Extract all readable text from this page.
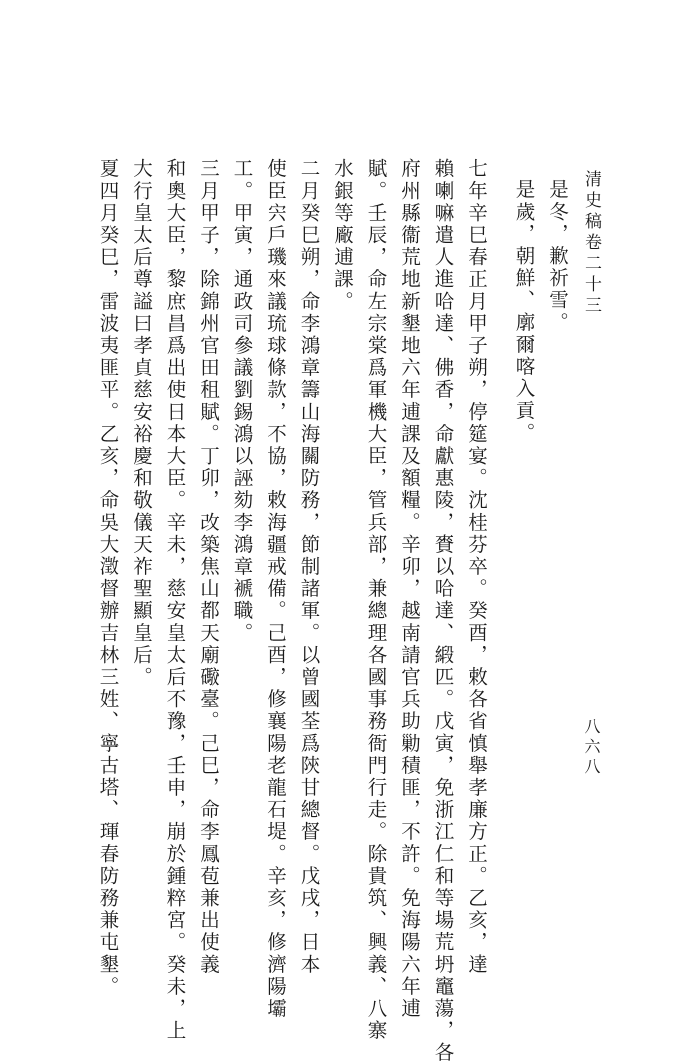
清史稿卷二十三
八六八
是冬，歉祈雪。
是歲，朝鮮、廓爾喀入貢。
七年辛巳春正月甲子朔，停筵宴。沈桂芬卒。癸酉，敕各省慎舉孝廉方正。乙亥，達
賴喇嘛遣人進哈達、佛香，命獻惠陵，賚以哈達、緞匹。戊寅，免浙江仁和等場荒坍竈蕩，各
府州縣衞荒地新墾地六年逋課及額糧。辛卯，越南請官兵助勦積匪，不許。免海陽六年逋
賦。壬辰，命左宗棠爲軍機大臣，管兵部，兼總理各國事務衙門行走。除貴筑、興義、八寨
水銀等廠逋課。
二月癸巳朔，命李鴻章籌山海關防務，節制諸軍。以曾國荃爲陝甘總督。戊戌，日本
使臣宍戶璣來議琉球條款，不協，敕海疆戒備。己酉，修襄陽老龍石堤。辛亥，修濟陽壩
工。甲寅，通政司參議劉錫鴻以誣劾李鴻章褫職。
三月甲子，除錦州官田租賦。丁卯，改築焦山都天廟礮臺。己巳，命李鳳苞兼出使義
和奧大臣，黎庶昌爲出使日本大臣。辛未，慈安皇太后不豫，壬申，崩於鍾粹宮。癸未，上
大行皇太后尊謚曰孝貞慈安裕慶和敬儀天祚聖顯皇后。
夏四月癸巳，雷波夷匪平。乙亥，命吳大澂督辦吉林三姓、寧古塔、琿春防務兼屯墾。
